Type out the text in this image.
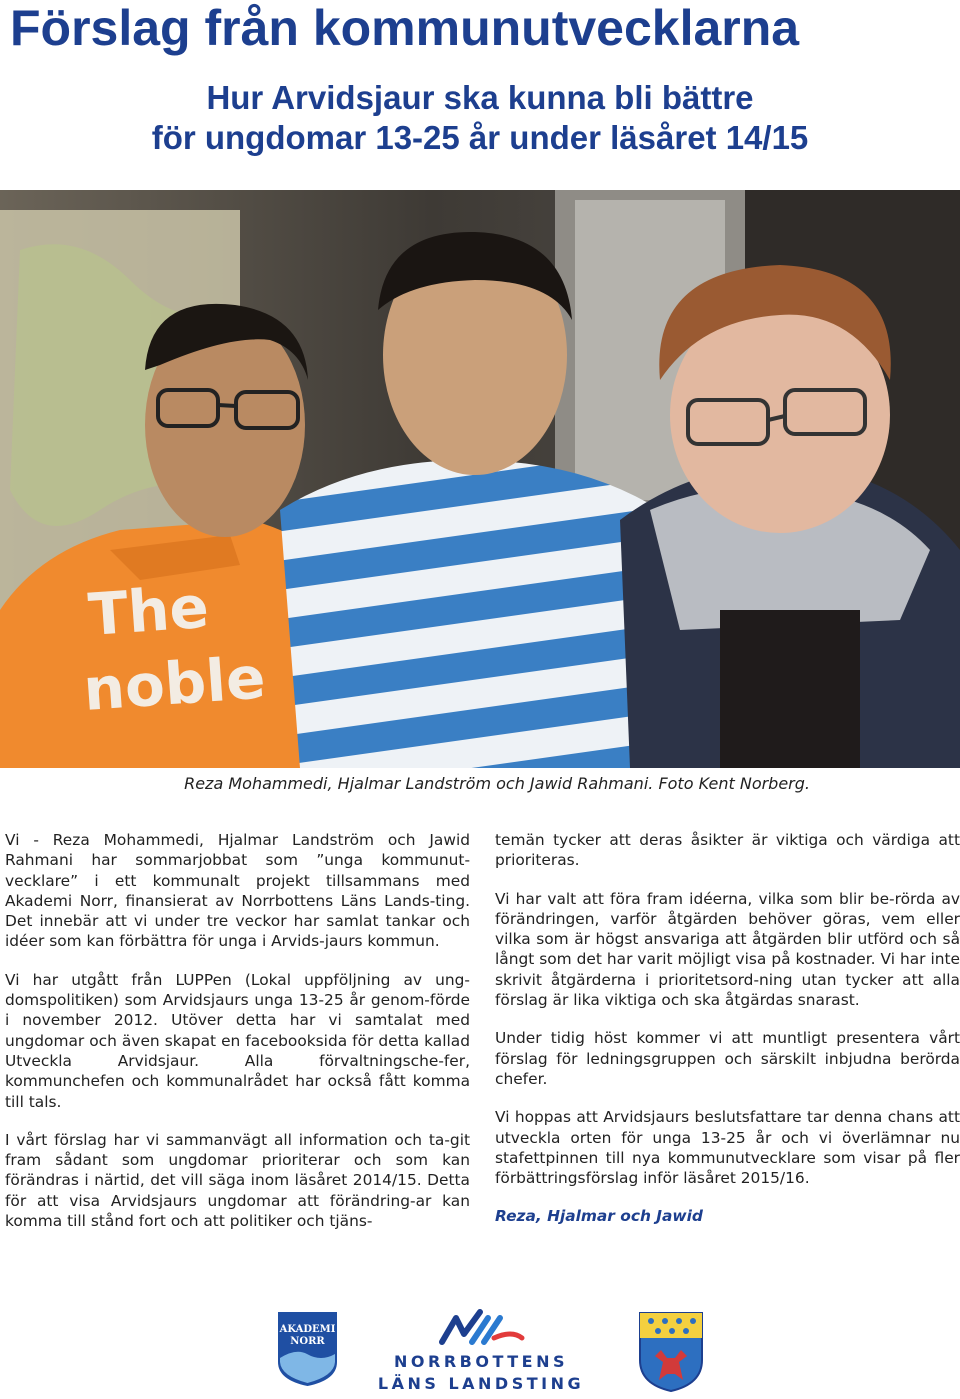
Förslag från kommunutvecklarna
Hur Arvidsjaur ska kunna bli bättre
för ungdomar 13-25 år under läsåret 14/15
The
noble
Reza Mohammedi, Hjalmar Landström och Jawid Rahmani. Foto Kent Norberg.

Vi - Reza Mohammedi, Hjalmar Landström och Jawid Rahmani har sommarjobbat som ”unga kommunut-vecklare” i ett kommunalt projekt tillsammans med Akademi Norr, finansierat av Norrbottens Läns Lands-ting. Det innebär att vi under tre veckor har samlat tankar och idéer som kan förbättra för unga i Arvids-jaurs kommun.

Vi har utgått från LUPPen (Lokal uppföljning av ung-domspolitiken) som Arvidsjaurs unga 13-25 år genom-förde i november 2012. Utöver detta har vi samtalat med ungdomar och även skapat en facebooksida för detta kallad Utveckla Arvidsjaur. Alla förvaltningsche-fer, kommunchefen och kommunalrådet har också fått komma till tals.

I vårt förslag har vi sammanvägt all information och ta-git fram sådant som ungdomar prioriterar och som kan förändras i närtid, det vill säga inom läsåret 2014/15. Detta för att visa Arvidsjaurs ungdomar att förändring-ar kan komma till stånd fort och att politiker och tjäns-

temän tycker att deras åsikter är viktiga och värdiga att prioriteras.

Vi har valt att föra fram idéerna, vilka som blir be-rörda av förändringen, varför åtgärden behöver göras, vem eller vilka som är högst ansvariga att åtgärden blir utförd och så långt som det har varit möjligt visa på kostnader. Vi har inte skrivit åtgärderna i prioritetsord-ning utan tycker att alla förslag är lika viktiga och ska åtgärdas snarast.

Under tidig höst kommer vi att muntligt presentera vårt förslag för ledningsgruppen och särskilt inbjudna berörda chefer.

Vi hoppas att Arvidsjaurs beslutsfattare tar denna chans att utveckla orten för unga 13-25 år och vi överlämnar nu stafettpinnen till nya kommunutvecklare som visar på fler förbättringsförslag inför läsåret 2015/16.

Reza, Hjalmar och Jawid

AKADEMI
NORR
NORRBOTTENS
LÄNS LANDSTING
